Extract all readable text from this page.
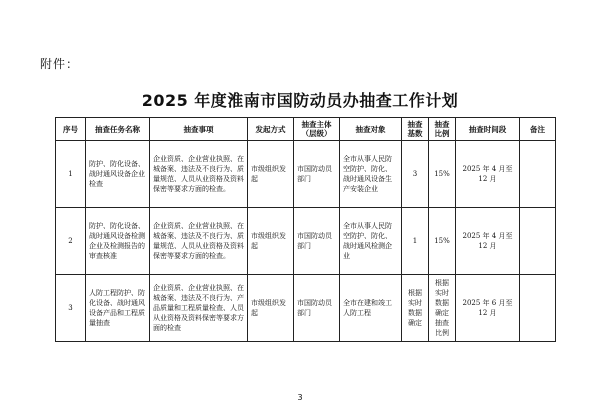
附件：
2025 年度淮南市国防动员办抽查工作计划
序号	抽查任务名称	抽查事项	发起方式	抽查主体（层级）	抽查对象	抽查基数	抽查比例	抽查时间段	备注
1	防护、防化设备、战时通风设备企业检查	企业资质、企业营业执照、在城备案、违法及不良行为、质量规范、人员从业资格及资料保密等要求方面的检查。	市级组织发起	市国防动员部门	全市从事人民防空防护、防化、战时通风设备生产安装企业	3	15%	2025 年 4 月至 12 月	
2	防护、防化设备、战时通风设备检测企业及检测报告的审查核准	企业资质、企业营业执照、在城备案、违法及不良行为、质量规范、人员从业资格及资料保密等要求方面的检查。	市级组织发起	市国防动员部门	全市从事人民防空防护、防化、战时通风检测企业	1	15%	2025 年 4 月至 12 月	
3	人防工程防护、防化设备、战时通风设备产品和工程质量抽查	企业资质、企业营业执照、在城备案、违法及不良行为、产品质量和工程质量检查、人员从业资格及资料保密等要求方面的检查	市级组织发起	市国防动员部门	全市在建和竣工人防工程	根据实时数据确定	根据实时数据确定抽查比例	2025 年 6 月至 12 月	
3
